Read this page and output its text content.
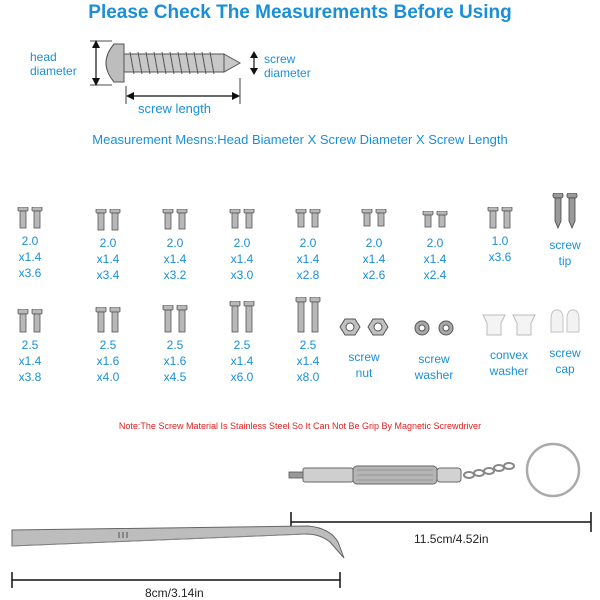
Please Check The Measurements Before Using
head
diameter
screw
diameter
screw length
Measurement Mesns:Head Biameter X Screw Diameter X Screw Length
2.0
x1.4
x3.6
2.0
x1.4
x3.4
2.0
x1.4
x3.2
2.0
x1.4
x3.0
2.0
x1.4
x2.8
2.0
x1.4
x2.6
2.0
x1.4
x2.4
1.0
x3.6
screw
tip
2.5
x1.4
x3.8
2.5
x1.6
x4.0
2.5
x1.6
x4.5
2.5
x1.4
x6.0
2.5
x1.4
x8.0
screw
nut
screw
washer
convex
washer
screw
cap
Note:The Screw Material Is Stainless Steel So It Can Not Be Grip By Magnetic Screwdriver
11.5cm/4.52in
8cm/3.14in
